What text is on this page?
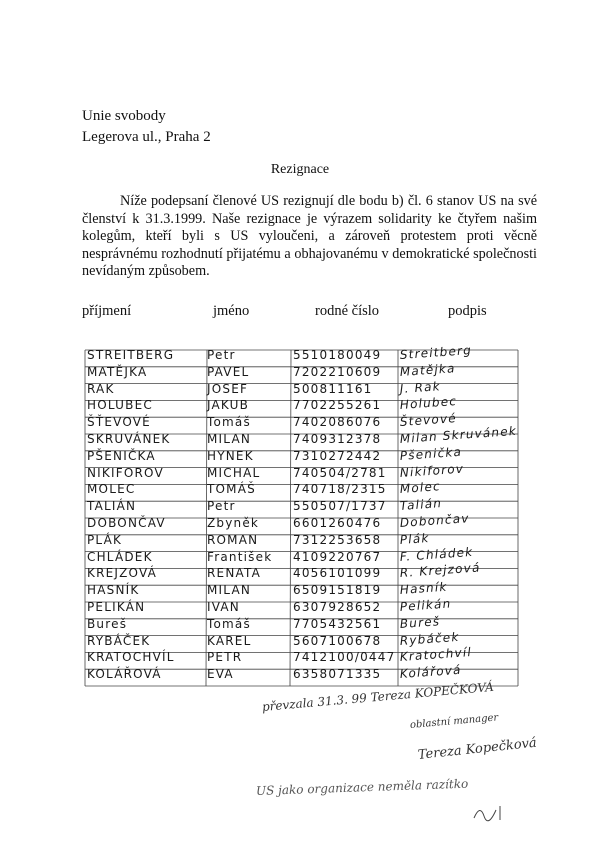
Unie svobody
Legerova ul., Praha 2
Rezignace
Níže podepsaní členové US rezignují dle bodu b) čl. 6 stanov US na své členství k 31.3.1999. Naše rezignace je výrazem solidarity ke čtyřem našim kolegům, kteří byli s US vyloučeni, a zároveň protestem proti věcně nesprávnému rozhodnutí přijatému a obhajovanému v demokratické společnosti nevídaným způsobem.
příjmení	jméno	rodné číslo	podpis
STREITBERG	Petr	5510180049	Streitberg
MATĚJKA	PAVEL	7202210609	Matějka
RAK	JOSEF	500811161	J. Rak
HOLUBEC	JAKUB	7702255261	Holubec
ŠŤEVOVÉ	Tomáš	7402086076	Števové
SKRUVÁNEK	MILAN	7409312378	Milan Skruvánek
PŠENIČKA	HYNEK	7310272442	Pšenička
NIKIFOROV	MICHAL	740504/2781	Nikiforov
MOLEC	TOMÁŠ	740718/2315	Molec
TALIÁN	Petr	550507/1737	Talián
DOBONČAV	Zbyněk	6601260476	Dobončav
PLÁK	ROMAN	7312253658	Plák
CHLÁDEK	František	4109220767	F. Chládek
KREJZOVÁ	RENATA	4056101099	R. Krejzová
HASNÍK	MILAN	6509151819	Hasník
PELIKÁN	IVAN	6307928652	Pelikán
Bureš	Tomáš	7705432561	Bureš
RYBÁČEK	KAREL	5607100678	Rybáček
KRATOCHVÍL	PETR	7412100/0447 Kratochvíl
KOLÁŘOVÁ	EVA	6358071335	Kolářová
převzala 31.3. 99 Tereza KOPEČKOVÁ
oblastní manager
Tereza Kopečková
US jako organizace neměla razítko
